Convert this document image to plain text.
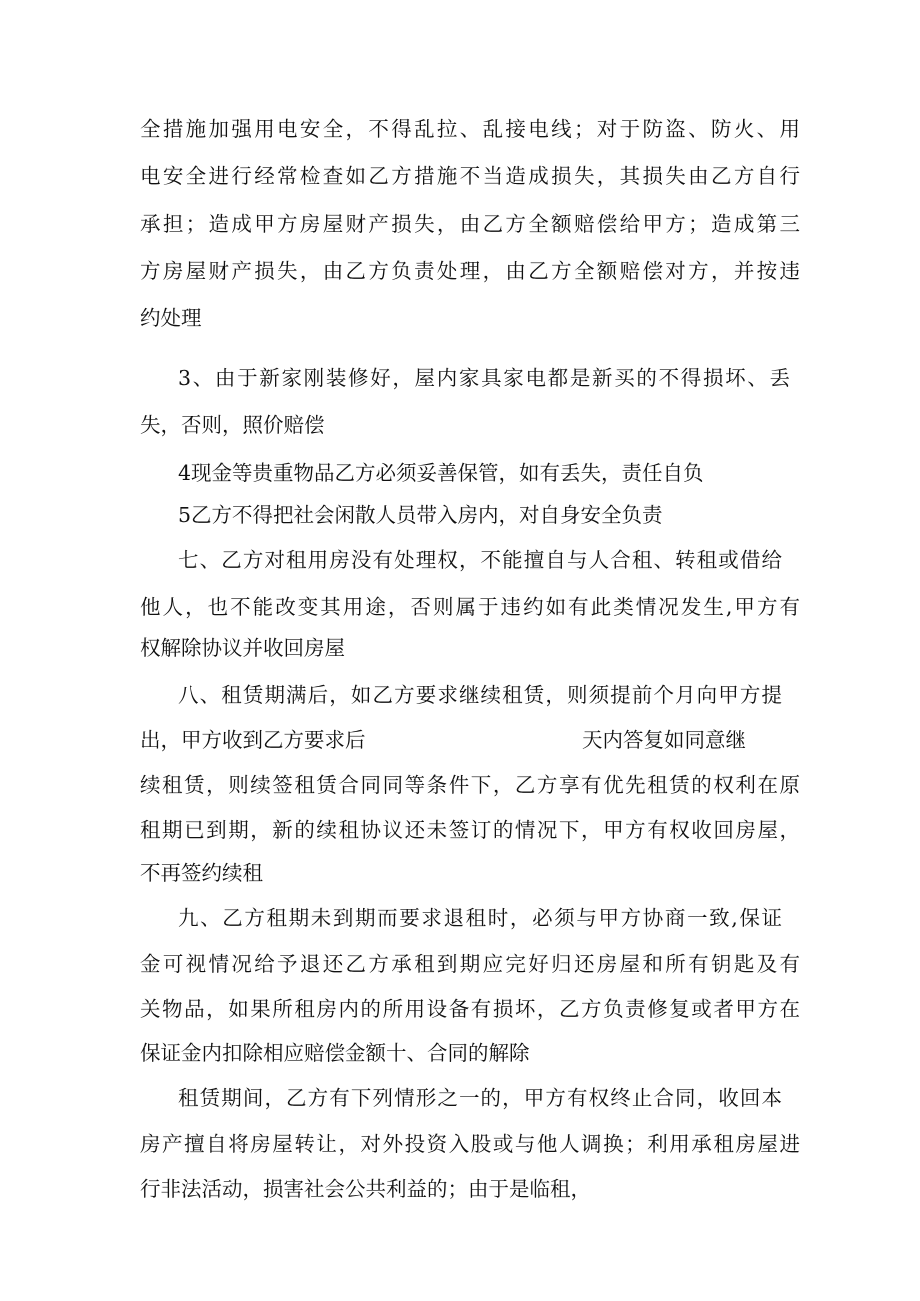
全措施加强用电安全，不得乱拉、乱接电线；对于防盗、防火、用
电安全进行经常检查如乙方措施不当造成损失，其损失由乙方自行
承担；造成甲方房屋财产损失，由乙方全额赔偿给甲方；造成第三
方房屋财产损失，由乙方负责处理，由乙方全额赔偿对方，并按违
约处理
3、由于新家刚装修好，屋内家具家电都是新买的不得损坏、丢
失，否则，照价赔偿
4现金等贵重物品乙方必须妥善保管，如有丢失，责任自负
5乙方不得把社会闲散人员带入房内，对自身安全负责
七、乙方对租用房没有处理权，不能擅自与人合租、转租或借给
他人，也不能改变其用途，否则属于违约如有此类情况发生,甲方有
权解除协议并收回房屋
八、租赁期满后，如乙方要求继续租赁，则须提前个月向甲方提
出，甲方收到乙方要求后	天内答复如同意继
续租赁，则续签租赁合同同等条件下，乙方享有优先租赁的权利在原
租期已到期，新的续租协议还未签订的情况下，甲方有权收回房屋，
不再签约续租
九、乙方租期未到期而要求退租时，必须与甲方协商一致,保证
金可视情况给予退还乙方承租到期应完好归还房屋和所有钥匙及有
关物品，如果所租房内的所用设备有损坏，乙方负责修复或者甲方在
保证金内扣除相应赔偿金额十、合同的解除
租赁期间，乙方有下列情形之一的，甲方有权终止合同，收回本
房产擅自将房屋转让，对外投资入股或与他人调换；利用承租房屋进
行非法活动，损害社会公共利益的；由于是临租，
